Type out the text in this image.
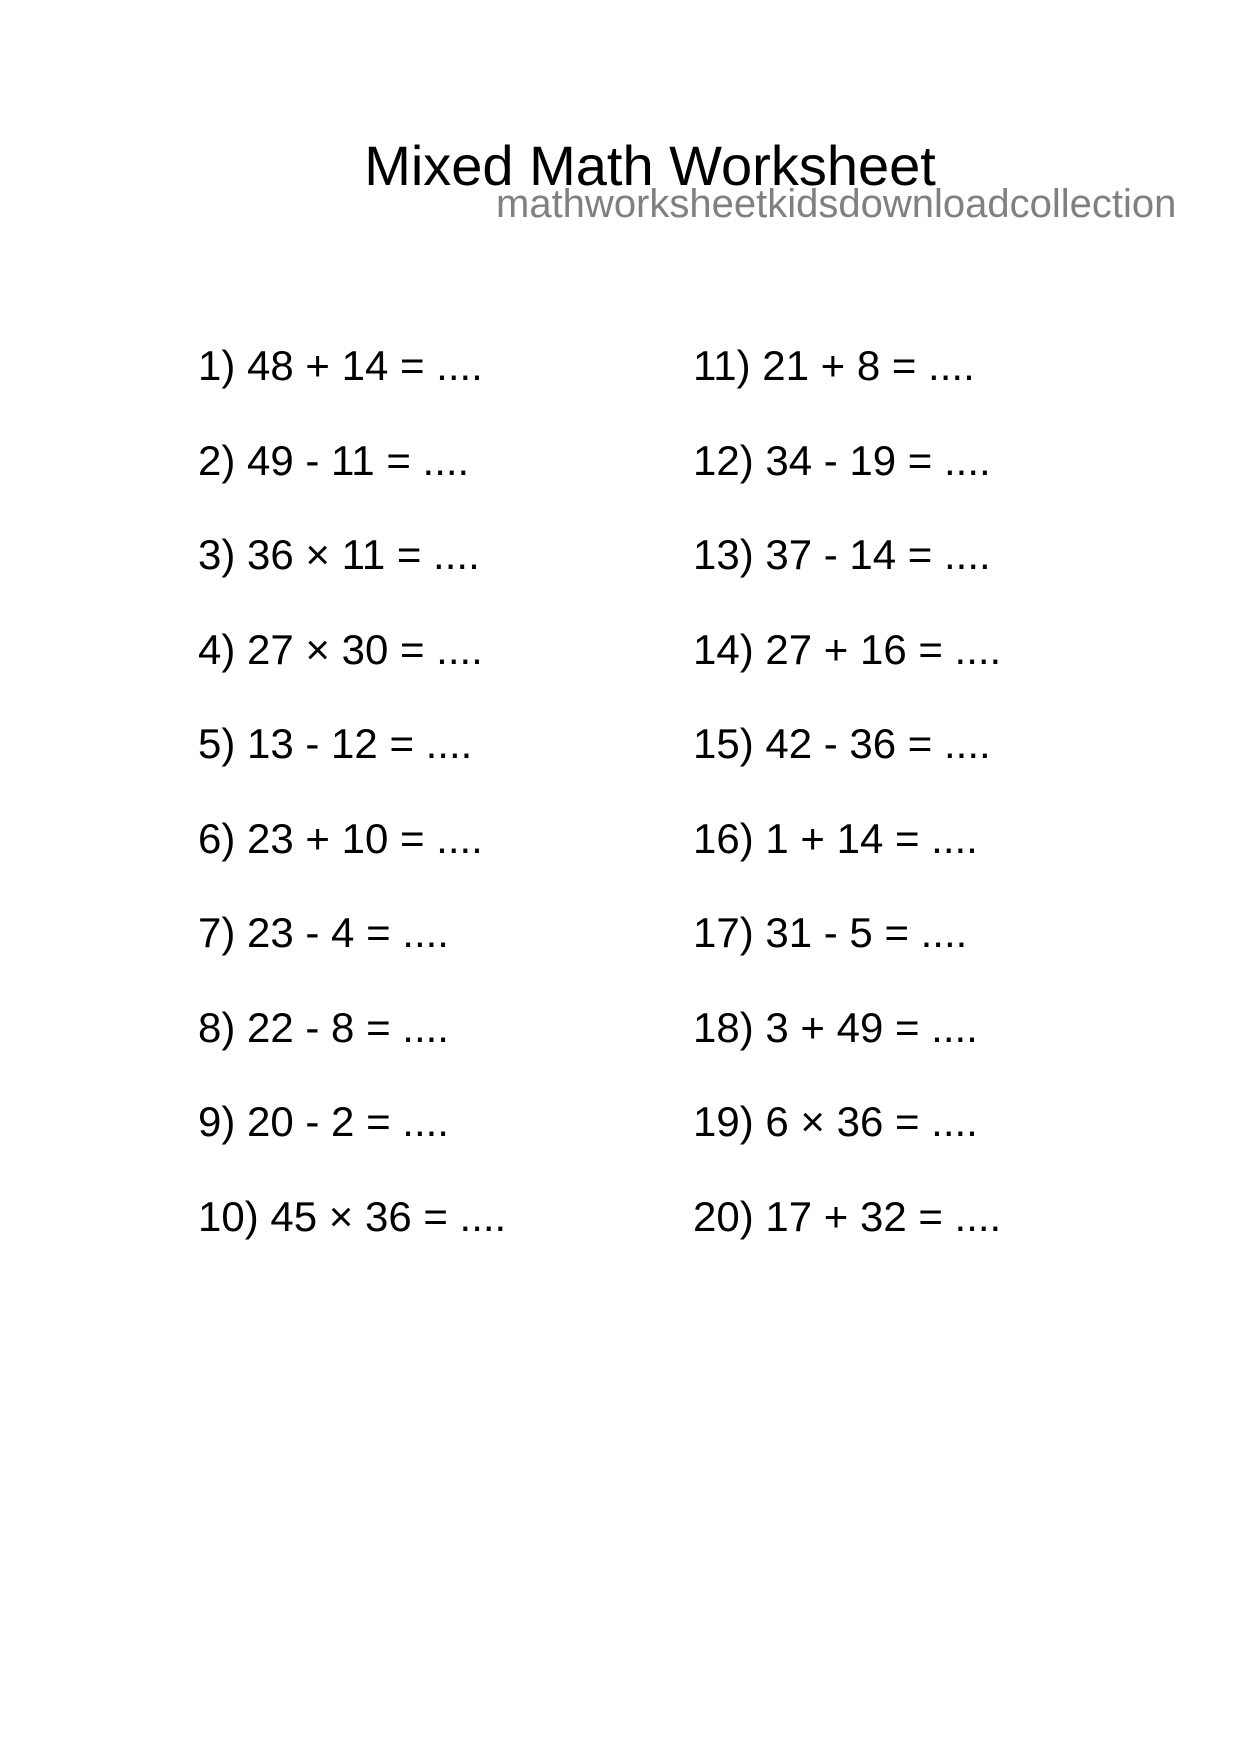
Mixed Math Worksheet
mathworksheetkidsdownloadcollection
1) 48 + 14 = ....
2) 49 - 11 = ....
3) 36 × 11 = ....
4) 27 × 30 = ....
5) 13 - 12 = ....
6) 23 + 10 = ....
7) 23 - 4 = ....
8) 22 - 8 = ....
9) 20 - 2 = ....
10) 45 × 36 = ....
11) 21 + 8 = ....
12) 34 - 19 = ....
13) 37 - 14 = ....
14) 27 + 16 = ....
15) 42 - 36 = ....
16) 1 + 14 = ....
17) 31 - 5 = ....
18) 3 + 49 = ....
19) 6 × 36 = ....
20) 17 + 32 = ....
